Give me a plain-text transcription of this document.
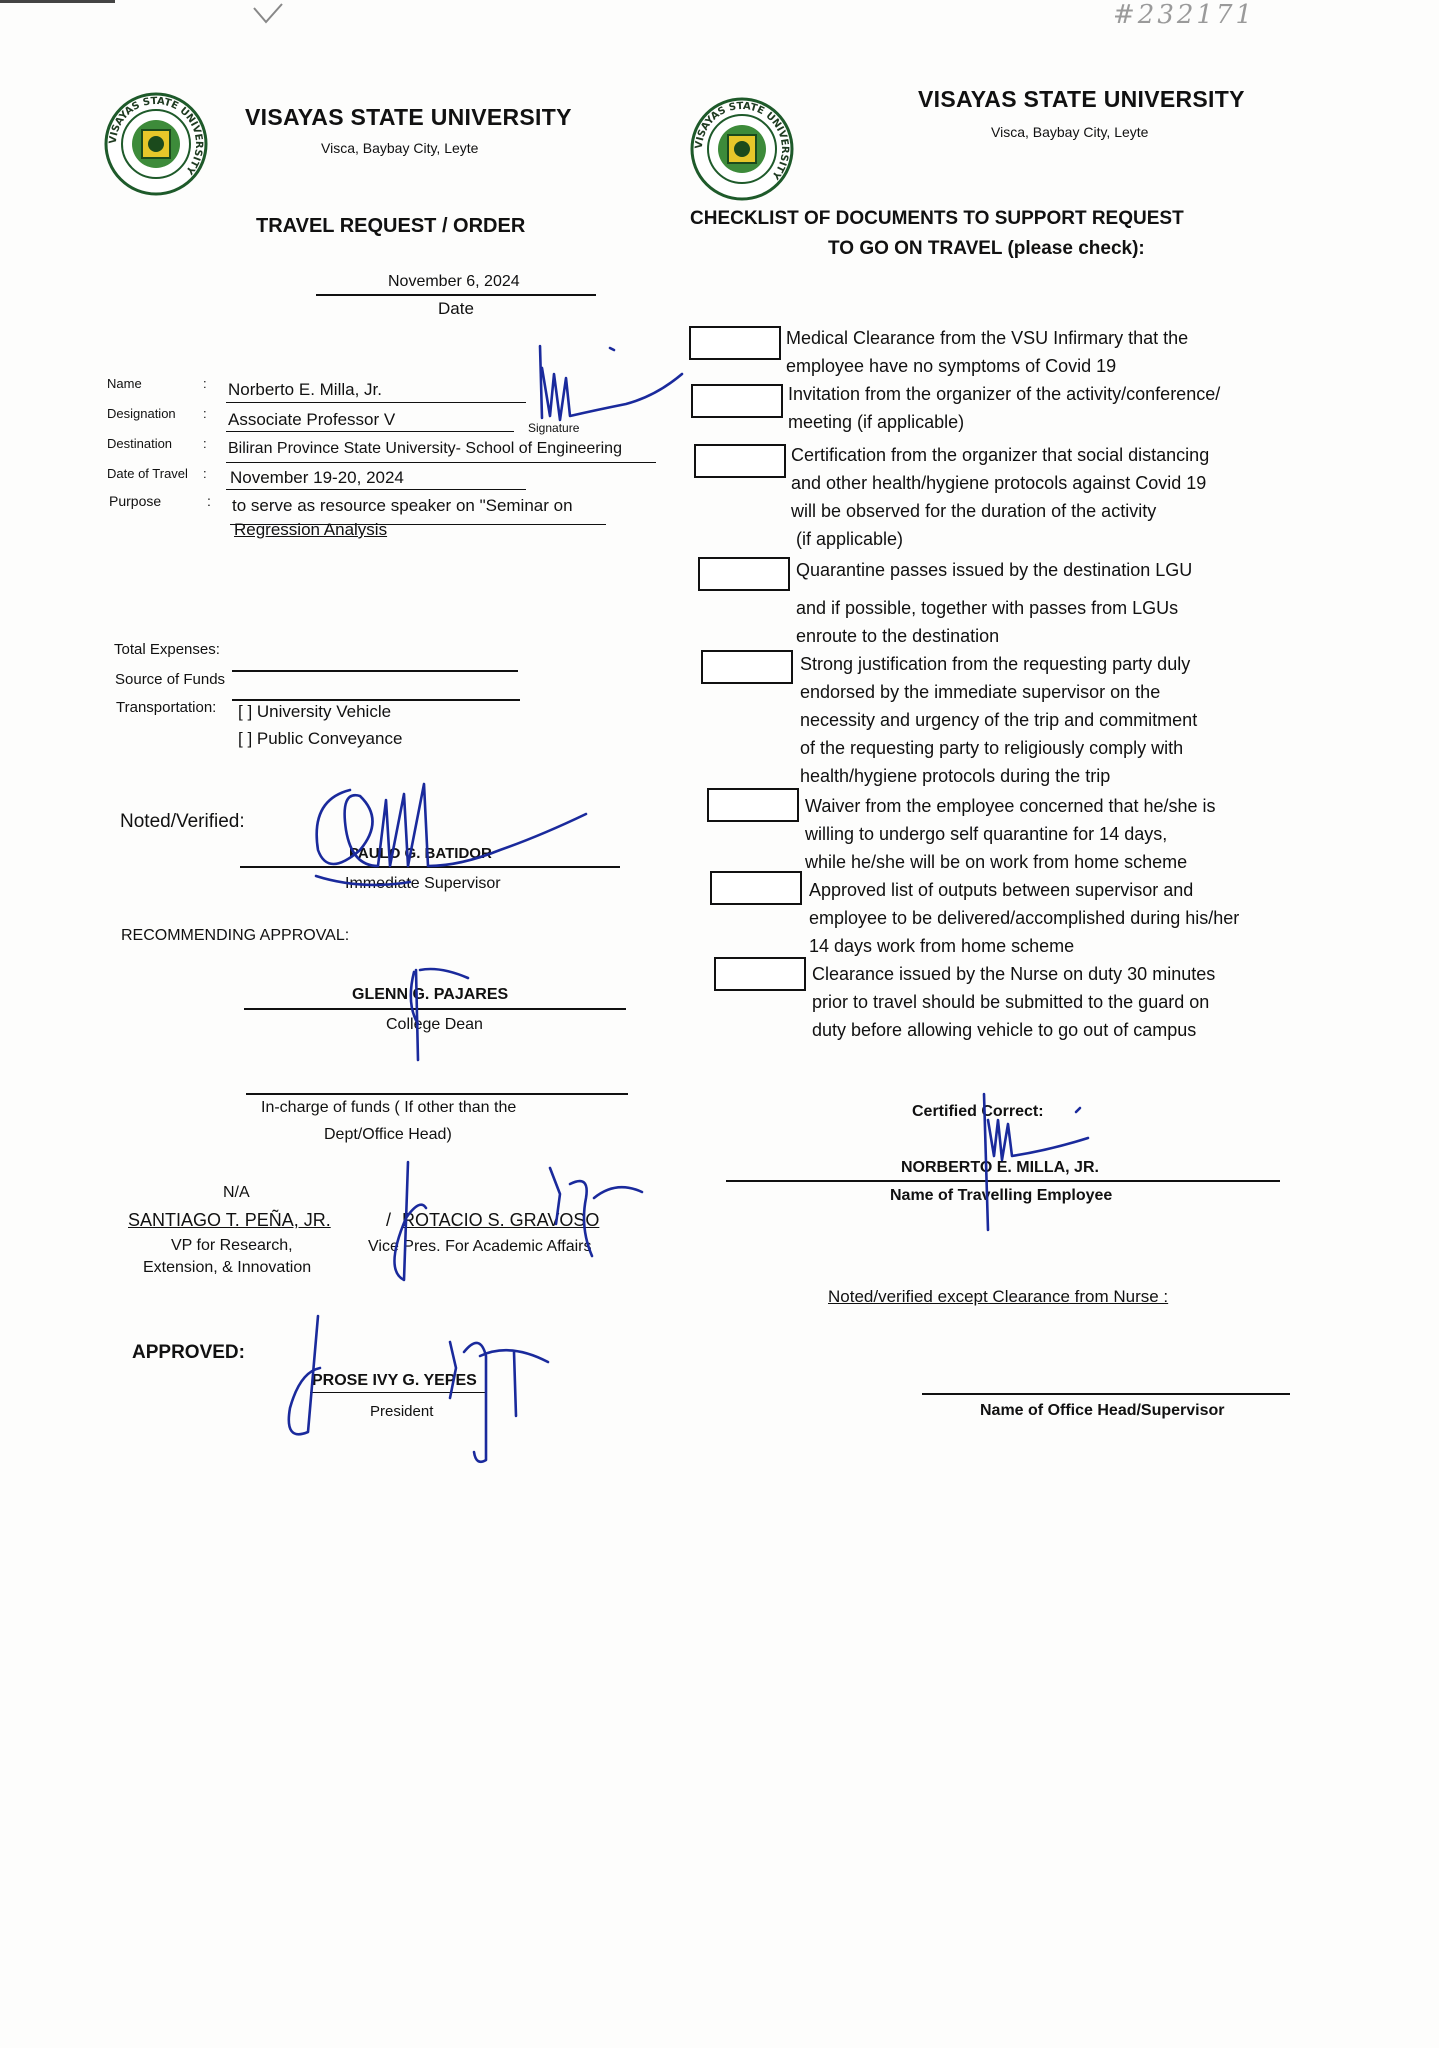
#232171
VISAYAS STATE UNIVERSITY
VISAYAS STATE UNIVERSITY
Visca, Baybay City, Leyte
TRAVEL REQUEST / ORDER
November 6, 2024
Date
Name	: Norberto E. Milla, Jr.
Designation : Associate Professor V	Signature
Destination : Biliran Province State University- School of Engineering
Date of Travel : November 19-20, 2024
Purpose	: to serve as resource speaker on "Seminar on
Regression Analysis
Total Expenses:
Source of Funds
Transportation: [ ] University Vehicle
[ ] Public Conveyance
Noted/Verified:
PAULO G. BATIDOR
Immediate Supervisor
RECOMMENDING APPROVAL:
GLENN G. PAJARES
College Dean
In-charge of funds ( If other than the
Dept/Office Head)
N/A
SANTIAGO T. PEÑA, JR.
VP for Research,
Extension, & Innovation
/ ROTACIO S. GRAVOSO
Vice Pres. For Academic Affairs
APPROVED:
PROSE IVY G. YEPES
President
VISAYAS STATE UNIVERSITY
VISAYAS STATE UNIVERSITY
Visca, Baybay City, Leyte
CHECKLIST OF DOCUMENTS TO SUPPORT REQUEST
TO GO ON TRAVEL (please check):
Medical Clearance from the VSU Infirmary that the
employee have no symptoms of Covid 19
Invitation from the organizer of the activity/conference/
meeting (if applicable)
Certification from the organizer that social distancing
and other health/hygiene protocols against Covid 19
will be observed for the duration of the activity
(if applicable)
Quarantine passes issued by the destination LGU
and if possible, together with passes from LGUs
enroute to the destination
Strong justification from the requesting party duly
endorsed by the immediate supervisor on the
necessity and urgency of the trip and commitment
of the requesting party to religiously comply with
health/hygiene protocols during the trip
Waiver from the employee concerned that he/she is
willing to undergo self quarantine for 14 days,
while he/she will be on work from home scheme
Approved list of outputs between supervisor and
employee to be delivered/accomplished during his/her
14 days work from home scheme
Clearance issued by the Nurse on duty 30 minutes
prior to travel should be submitted to the guard on
duty before allowing vehicle to go out of campus
Certified Correct:
NORBERTO E. MILLA, JR.
Name of Travelling Employee
Noted/verified except Clearance from Nurse :
Name of Office Head/Supervisor
